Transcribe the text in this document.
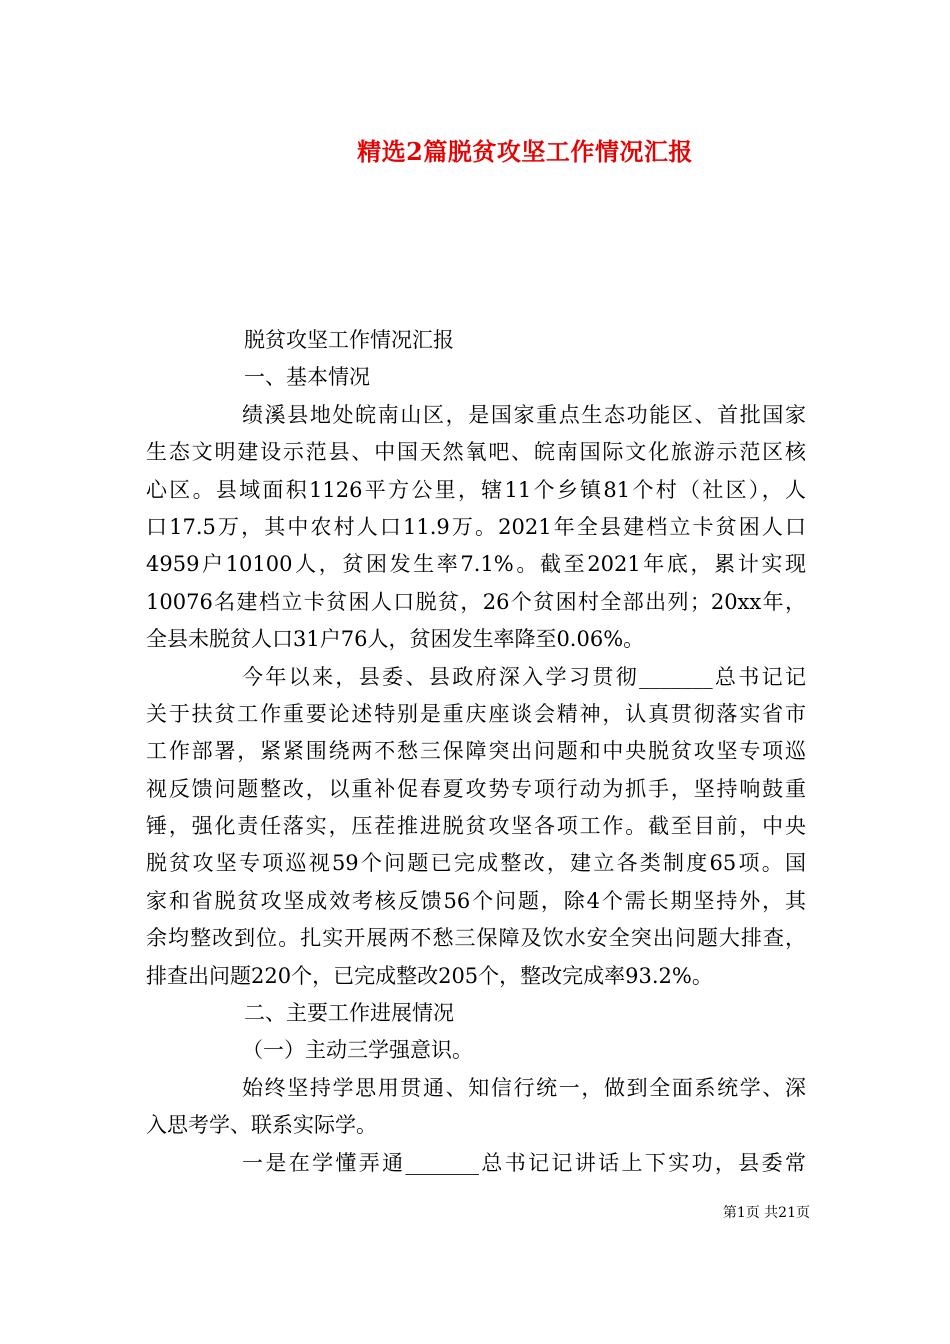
精选2篇脱贫攻坚工作情况汇报
脱贫攻坚工作情况汇报
一、基本情况
绩溪县地处皖南山区，是国家重点生态功能区、首批国家
生态文明建设示范县、中国天然氧吧、皖南国际文化旅游示范区核
心区。县域面积1126平方公里，辖11个乡镇81个村（社区），人
口17.5万，其中农村人口11.9万。2021年全县建档立卡贫困人口
4959户10100人，贫困发生率7.1%。截至2021年底，累计实现
10076名建档立卡贫困人口脱贫，26个贫困村全部出列；20xx年，
全县未脱贫人口31户76人，贫困发生率降至0.06%。
今年以来，县委、县政府深入学习贯彻_______总书记记
关于扶贫工作重要论述特别是重庆座谈会精神，认真贯彻落实省市
工作部署，紧紧围绕两不愁三保障突出问题和中央脱贫攻坚专项巡
视反馈问题整改，以重补促春夏攻势专项行动为抓手，坚持响鼓重
锤，强化责任落实，压茬推进脱贫攻坚各项工作。截至目前，中央
脱贫攻坚专项巡视59个问题已完成整改，建立各类制度65项。国
家和省脱贫攻坚成效考核反馈56个问题，除4个需长期坚持外，其
余均整改到位。扎实开展两不愁三保障及饮水安全突出问题大排查，
排查出问题220个，已完成整改205个，整改完成率93.2%。
二、主要工作进展情况
（一）主动三学强意识。
始终坚持学思用贯通、知信行统一，做到全面系统学、深
入思考学、联系实际学。
一是在学懂弄通_______总书记记讲话上下实功，县委常
第1页 共21页
